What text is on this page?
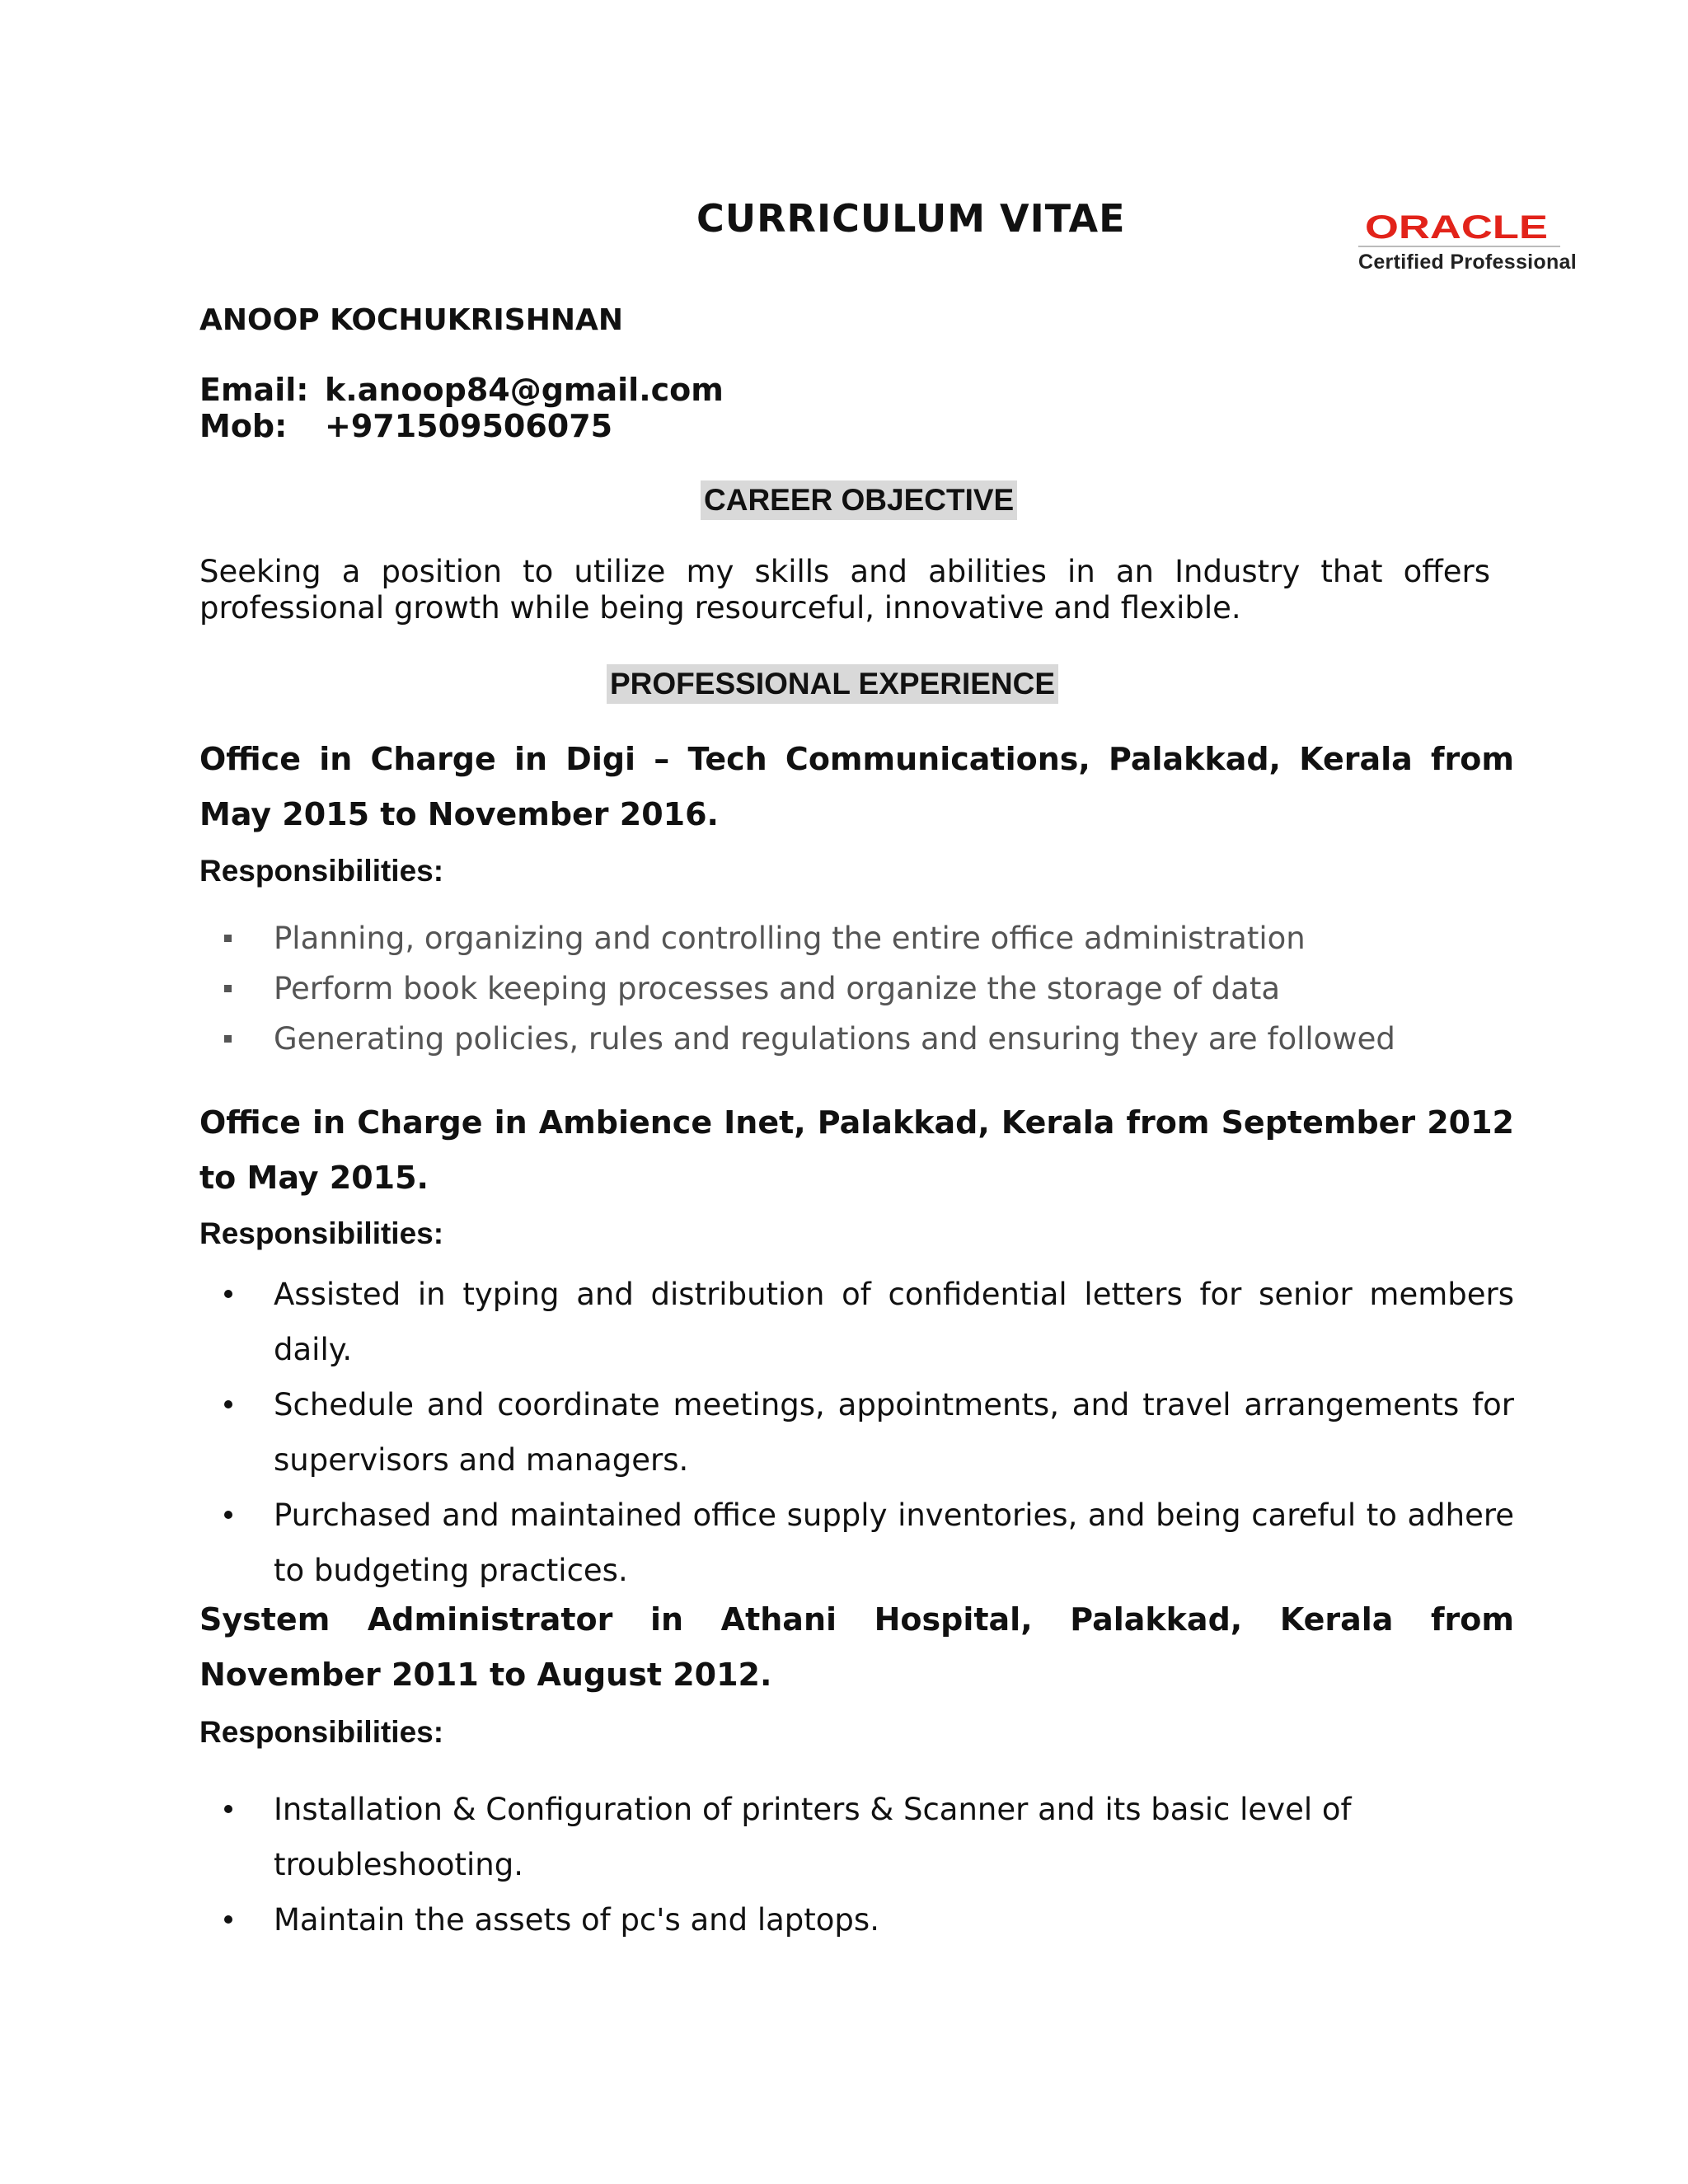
CURRICULUM VITAE	ORACLE
Certified Professional
ANOOP KOCHUKRISHNAN
Email: k.anoop84@gmail.com
Mob: +971509506075
CAREER OBJECTIVE
Seeking a position to utilize my skills and abilities in an Industry that offers professional growth while being resourceful, innovative and flexible.
PROFESSIONAL EXPERIENCE
Office in Charge in Digi – Tech Communications, Palakkad, Kerala from May 2015 to November 2016.
Responsibilities:
Planning, organizing and controlling the entire office administration
Perform book keeping processes and organize the storage of data
Generating policies, rules and regulations and ensuring they are followed
Office in Charge in Ambience Inet, Palakkad, Kerala from September 2012 to May 2015.
Responsibilities:
Assisted in typing and distribution of confidential letters for senior members daily.
Schedule and coordinate meetings, appointments, and travel arrangements for supervisors and managers.
Purchased and maintained office supply inventories, and being careful to adhere to budgeting practices.
System Administrator in Athani Hospital, Palakkad, Kerala from November 2011 to August 2012.
Responsibilities:
Installation & Configuration of printers & Scanner and its basic level of troubleshooting.
Maintain the assets of pc's and laptops.
